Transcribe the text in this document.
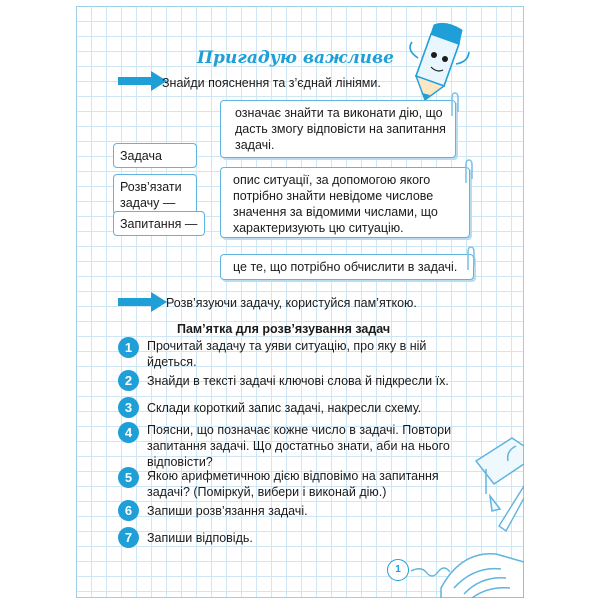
Пригадую важливе
Знайди пояснення та з’єднай лініями.
означає знайти та виконати дію, що дасть змогу відповісти на запитання задачі.
опис ситуації, за допомогою якого потрібно знайти невідоме числове значення за відомими числами, що характеризують цю ситуацію.
це те, що потрібно обчислити в задачі.
Задача
Розв’язати задачу —
Запитання —
Розв’язуючи задачу, користуйся пам’яткою.
Пам’ятка для розв’язування задач
1	Прочитай задачу та уяви ситуацію, про яку в ній йдеться.
2	Знайди в тексті задачі ключові слова й підкресли їх.
3	Склади короткий запис задачі, накресли схему.
4	Поясни, що позначає кожне число в задачі. Повтори запитання задачі. Що достатньо знати, аби на нього відповісти?
5	Якою арифметичною дією відповімо на запитання задачі? (Поміркуй, вибери і виконай дію.)
6	Запиши розв’язання задачі.
7	Запиши відповідь.
1
